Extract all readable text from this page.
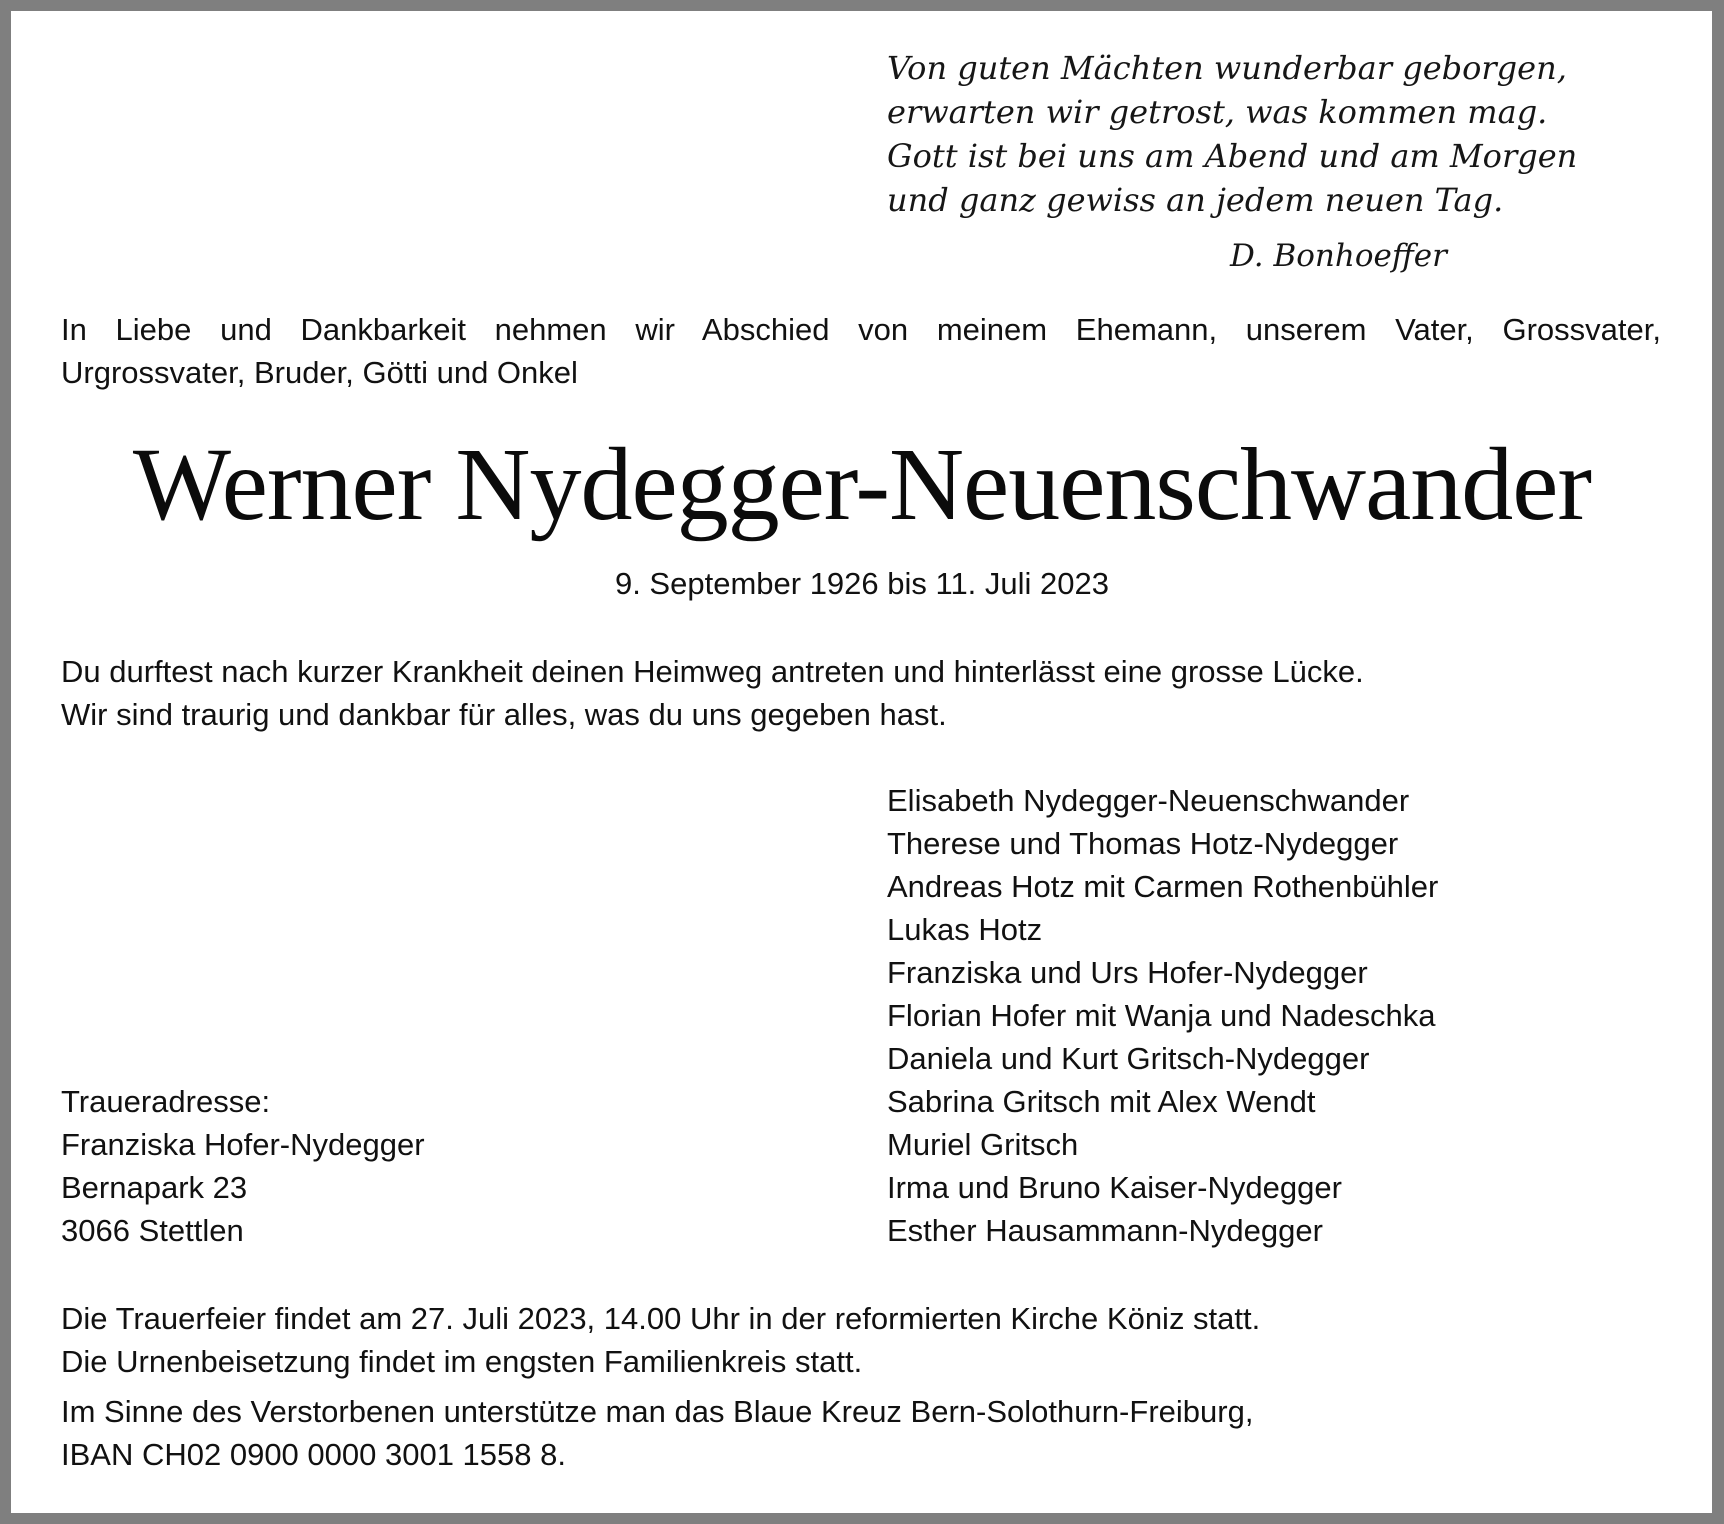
Von guten Mächten wunderbar geborgen,
erwarten wir getrost, was kommen mag.
Gott ist bei uns am Abend und am Morgen
und ganz gewiss an jedem neuen Tag.
D. Bonhoeffer
In Liebe und Dankbarkeit nehmen wir Abschied von meinem Ehemann, unserem Vater, Grossvater,
Urgrossvater, Bruder, Götti und Onkel
Werner Nydegger-Neuenschwander
9. September 1926 bis 11. Juli 2023
Du durftest nach kurzer Krankheit deinen Heimweg antreten und hinterlässt eine grosse Lücke.
Wir sind traurig und dankbar für alles, was du uns gegeben hast.
Elisabeth Nydegger-Neuenschwander
Therese und Thomas Hotz-Nydegger
Andreas Hotz mit Carmen Rothenbühler
Lukas Hotz
Franziska und Urs Hofer-Nydegger
Florian Hofer mit Wanja und Nadeschka
Daniela und Kurt Gritsch-Nydegger
Sabrina Gritsch mit Alex Wendt
Muriel Gritsch
Irma und Bruno Kaiser-Nydegger
Esther Hausammann-Nydegger
Traueradresse:
Franziska Hofer-Nydegger
Bernapark 23
3066 Stettlen
Die Trauerfeier findet am 27. Juli 2023, 14.00 Uhr in der reformierten Kirche Köniz statt.
Die Urnenbeisetzung findet im engsten Familienkreis statt.
Im Sinne des Verstorbenen unterstütze man das Blaue Kreuz Bern-Solothurn-Freiburg,
IBAN CH02 0900 0000 3001 1558 8.
